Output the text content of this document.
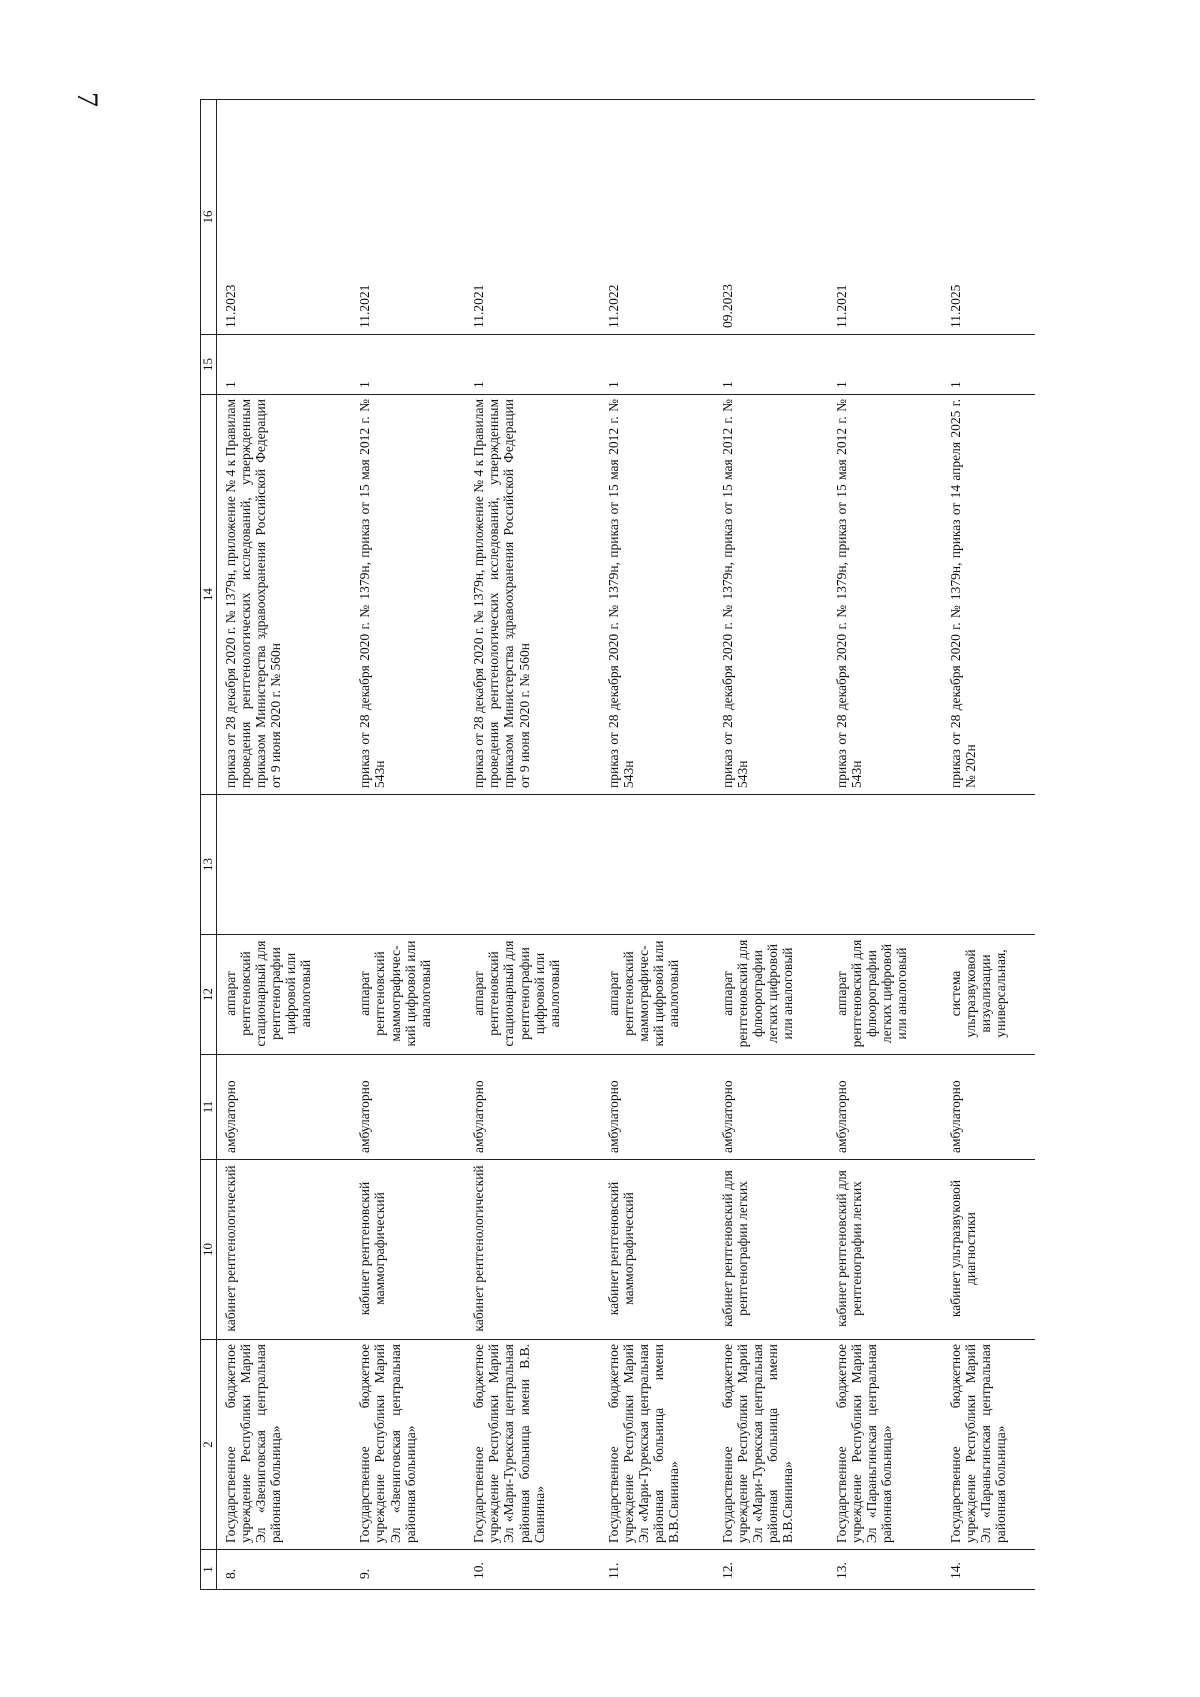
7
1	2	10	11	12	13	14	15	16
8.	Государственное бюджетное учреждение Республики Марий Эл «Звениговская центральная районная больница»	кабинет рентгенологический	амбулаторно	аппарат рентгеновский стационарный для рентгенографии цифровой или аналоговый		приказ от 28 декабря 2020 г. № 1379н, приложение № 4 к Правилам проведения рентгенологических исследований, утвержденным приказом Министерства здравоохранения Российской Федерации от 9 июня 2020 г. № 560н	1	11.2023
9.	Государственное бюджетное учреждение Республики Марий Эл «Звениговская центральная районная больница»	кабинет рентгеновский маммографический	амбулаторно	аппарат рентгеновский маммографичес-кий цифровой или аналоговый		приказ от 28 декабря 2020 г. № 1379н, приказ от 15 мая 2012 г. № 543н	1	11.2021
10.	Государственное бюджетное учреждение Республики Марий Эл «Мари-Турекская центральная районная больница имени В.В. Свинина»	кабинет рентгенологический	амбулаторно	аппарат рентгеновский стационарный для рентгенографии цифровой или аналоговый		приказ от 28 декабря 2020 г. № 1379н, приложение № 4 к Правилам проведения рентгенологических исследований, утвержденным приказом Министерства здравоохранения Российской Федерации от 9 июня 2020 г. № 560н	1	11.2021
11.	Государственное бюджетное учреждение Республики Марий Эл «Мари-Турекская центральная районная больница имени В.В.Свинина»	кабинет рентгеновский маммографический	амбулаторно	аппарат рентгеновский маммографичес-кий цифровой или аналоговый		приказ от 28 декабря 2020 г. № 1379н, приказ от 15 мая 2012 г. № 543н	1	11.2022
12.	Государственное бюджетное учреждение Республики Марий Эл «Мари-Турекская центральная районная больница имени В.В.Свинина»	кабинет рентгеновский для рентгенографии легких	амбулаторно	аппарат рентгеновский для флюорографии легких цифровой или аналоговый		приказ от 28 декабря 2020 г. № 1379н, приказ от 15 мая 2012 г. № 543н	1	09.2023
13.	Государственное бюджетное учреждение Республики Марий Эл «Параньгинская центральная районная больница»	кабинет рентгеновский для рентгенографии легких	амбулаторно	аппарат рентгеновский для флюорографии легких цифровой или аналоговый		приказ от 28 декабря 2020 г. № 1379н, приказ от 15 мая 2012 г. № 543н	1	11.2021
14.	Государственное бюджетное учреждение Республики Марий Эл «Параньгинская центральная районная больница»	кабинет ультразвуковой диагностики	амбулаторно	система ультразвуковой визуализации универсальная,		приказ от 28 декабря 2020 г. № 1379н, приказ от 14 апреля 2025 г. № 202н	1	11.2025
